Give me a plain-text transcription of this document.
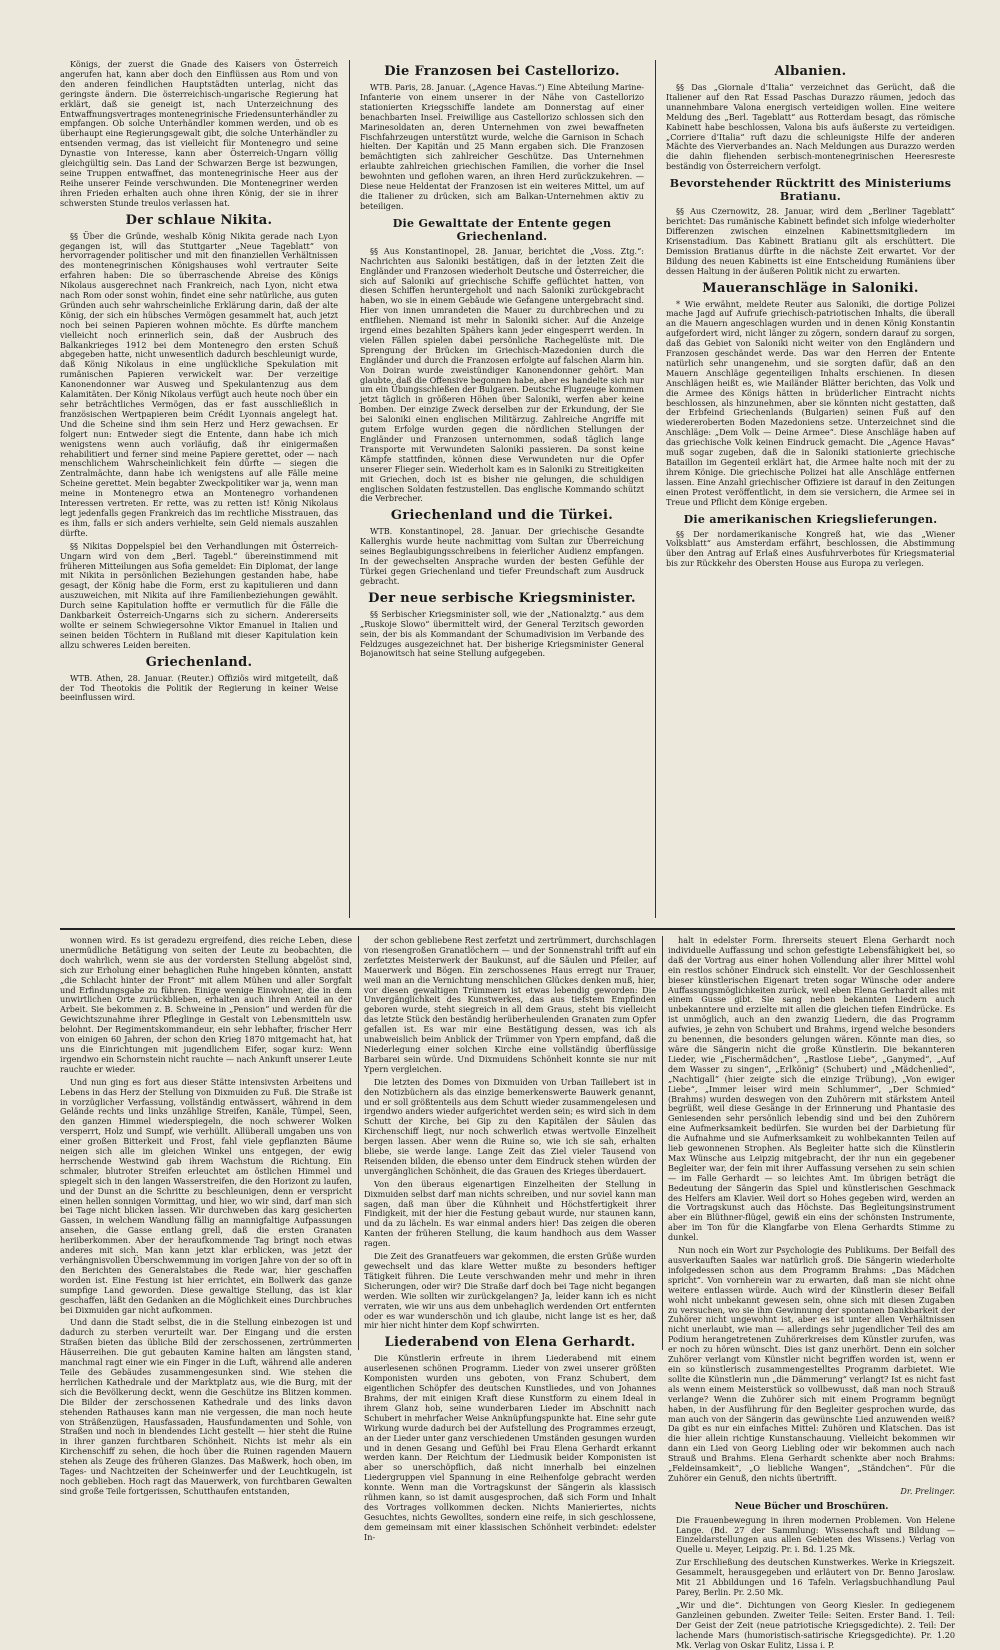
Königs, der zuerst die Gnade des Kaisers von Österreich angerufen hat, kann aber doch den Einflüssen aus Rom und von den anderen feindlichen Hauptstädten unterlag, nicht das geringste ändern. Die österreichisch-ungarische Regierung hat erklärt, daß sie geneigt ist, nach Unterzeichnung des Entwaffnungsvertrages montenegrinische Friedensunterhändler zu empfangen. Ob solche Unterhändler kommen werden, und ob es überhaupt eine Regierungsgewalt gibt, die solche Unterhändler zu entsenden vermag, das ist vielleicht für Montenegro und seine Dynastie von Interesse, kann aber Österreich-Ungarn völlig gleichgültig sein. Das Land der Schwarzen Berge ist bezwungen, seine Truppen entwaffnet, das montenegrinische Heer aus der Reihe unserer Feinde verschwunden. Die Montenegriner werden ihren Frieden erhalten auch ohne ihren König, der sie in ihrer schwersten Stunde treulos verlassen hat.

Der schlaue Nikita.

§§ Über die Gründe, weshalb König Nikita gerade nach Lyon gegangen ist, will das Stuttgarter „Neue Tageblatt“ von hervorragender politischer und mit den finanziellen Verhältnissen des montenegrinischen Königshauses wohl vertrauter Seite erfahren haben: Die so überraschende Abreise des Königs Nikolaus ausgerechnet nach Frankreich, nach Lyon, nicht etwa nach Rom oder sonst wohin, findet eine sehr natürliche, aus guten Gründen auch sehr wahrscheinliche Erklärung darin, daß der alte König, der sich ein hübsches Vermögen gesammelt hat, auch jetzt noch bei seinen Papieren wohnen möchte. Es dürfte manchem vielleicht noch erinnerlich sein, daß der Ausbruch des Balkankrieges 1912 bei dem Montenegro den ersten Schuß abgegeben hatte, nicht unwesentlich dadurch beschleunigt wurde, daß König Nikolaus in eine unglückliche Spekulation mit rumänischen Papieren verwickelt war. Der verzeitige Kanonendonner war Ausweg und Spekulantenzug aus dem Kalamitäten. Der König Nikolaus verfügt auch heute noch über ein sehr beträchtliches Vermögen, das er fast ausschließlich in französischen Wertpapieren beim Crédit Lyonnais angelegt hat. Und die Scheine sind ihm sein Herz und Herz gewachsen. Er folgert nun: Entweder siegt die Entente, dann habe ich mich wenigstens wenn auch vorläufig, daß ihr einigermaßen rehabilitiert und ferner sind meine Papiere gerettet, oder — nach menschlichem Wahrscheinlichkeit fein dürfte — siegen die Zentralmächte, dann habe ich wenigstens auf alle Fälle meine Scheine gerettet. Mein begabter Zweckpolitiker war ja, wenn man meine in Montenegro etwa an Montenegro vorhandenen Interessen vertreten. Er rette, was zu retten ist! König Nikolaus legt jedenfalls gegen Frankreich das im rechtliche Misstrauen, das es ihm, falls er sich anders verhielte, sein Geld niemals auszahlen dürfte.

§§ Nikitas Doppelspiel bei den Verhandlungen mit Österreich-Ungarn wird von dem „Berl. Tagebl.“ übereinstimmend mit früheren Mitteilungen aus Sofia gemeldet: Ein Diplomat, der lange mit Nikita in persönlichen Beziehungen gestanden habe, habe gesagt, der König habe die Form, erst zu kapitulieren und dann auszuweichen, mit Nikita auf ihre Familienbeziehungen gewählt. Durch seine Kapitulation hoffte er vermutlich für die Fälle die Dankbarkeit Österreich-Ungarns sich zu sichern. Andererseits wollte er seinem Schwiegersohne Viktor Emanuel in Italien und seinen beiden Töchtern in Rußland mit dieser Kapitulation kein allzu schweres Leiden bereiten.

Griechenland.

WTB. Athen, 28. Januar. (Reuter.) Offiziös wird mitgeteilt, daß der Tod Theotokis die Politik der Regierung in keiner Weise beeinflussen wird.

Die Franzosen bei Castellorizo.

WTB. Paris, 28. Januar. („Agence Havas.“) Eine Abteilung Marine-Infanterie von einem unserer in der Nähe von Castellorizo stationierten Kriegsschiffe landete am Donnerstag auf einer benachbarten Insel. Freiwillige aus Castellorizo schlossen sich den Marinesoldaten an, deren Unternehmen von zwei bewaffneten Fischfahrzeugen unterstützt wurde, welche die Garnison in Schach hielten. Der Kapitän und 25 Mann ergaben sich. Die Franzosen bemächtigten sich zahlreicher Geschütze. Das Unternehmen erlaubte zahlreichen griechischen Familien, die vorher die Insel bewohnten und geflohen waren, an ihren Herd zurückzukehren. — Diese neue Heldentat der Franzosen ist ein weiteres Mittel, um auf die Italiener zu drücken, sich am Balkan-Unternehmen aktiv zu beteiligen.

Die Gewalttate der Entente gegen Griechenland.

§§ Aus Konstantinopel, 28. Januar, berichtet die „Voss. Ztg.“: Nachrichten aus Saloniki bestätigen, daß in der letzten Zeit die Engländer und Franzosen wiederholt Deutsche und Österreicher, die sich auf Saloniki auf griechische Schiffe geflüchtet hatten, von diesen Schiffen heruntergeholt und nach Saloniki zurückgebracht haben, wo sie in einem Gebäude wie Gefangene untergebracht sind. Hier von innen umrandeten die Mauer zu durchbrechen und zu entfliehen. Niemand ist mehr in Saloniki sicher. Auf die Anzeige irgend eines bezahlten Spähers kann jeder eingesperrt werden. In vielen Fällen spielen dabei persönliche Rachegelüste mit. Die Sprengung der Brücken im Griechisch-Mazedonien durch die Engländer und durch die Franzosen erfolgte auf falschen Alarm hin. Von Doiran wurde zweistündiger Kanonendonner gehört. Man glaubte, daß die Offensive begonnen habe, aber es handelte sich nur um ein Übungsschießen der Bulgaren. Deutsche Flugzeuge kommen jetzt täglich in größeren Höhen über Saloniki, werfen aber keine Bomben. Der einzige Zweck derselben zur der Erkundung, der Sie bei Saloniki einen englischen Militärzug. Zahlreiche Angriffe mit gutem Erfolge wurden gegen die nördlichen Stellungen der Engländer und Franzosen unternommen, sodaß täglich lange Transporte mit Verwundeten Saloniki passieren. Da sonst keine Kämpfe stattfinden, können diese Verwundeten nur die Opfer unserer Flieger sein. Wiederholt kam es in Saloniki zu Streitigkeiten mit Griechen, doch ist es bisher nie gelungen, die schuldigen englischen Soldaten festzustellen. Das englische Kommando schützt die Verbrecher.

Griechenland und die Türkei.

WTB. Konstantinopel, 28. Januar. Der griechische Gesandte Kallerghis wurde heute nachmittag vom Sultan zur Überreichung seines Beglaubigungsschreibens in feierlicher Audienz empfangen. In der gewechselten Ansprache wurden der besten Gefühle der Türkei gegen Griechenland und tiefer Freundschaft zum Ausdruck gebracht.

Der neue serbische Kriegsminister.

§§ Serbischer Kriegsminister soll, wie der „Nationalztg.“ aus dem „Ruskoje Slowo“ übermittelt wird, der General Terzitsch geworden sein, der bis als Kommandant der Schumadivision im Verbande des Feldzuges ausgezeichnet hat. Der bisherige Kriegsminister General Bojanowitsch hat seine Stellung aufgegeben.

Albanien.

§§ Das „Giornale d’Italia“ verzeichnet das Gerücht, daß die Italiener auf den Rat Essad Paschas Durazzo räumen, jedoch das unannehmbare Valona energisch verteidigen wollen. Eine weitere Meldung des „Berl. Tageblatt“ aus Rotterdam besagt, das römische Kabinett habe beschlossen, Valona bis aufs äußerste zu verteidigen. „Corriere d’Italia“ ruft dazu die schleunigste Hilfe der anderen Mächte des Vierverbandes an. Nach Meldungen aus Durazzo werden die dahin fliehenden serbisch-montenegrinischen Heeresreste beständig von Österreichern verfolgt.

Bevorstehender Rücktritt des Ministeriums Bratianu.

§§ Aus Czernowitz, 28. Januar, wird dem „Berliner Tageblatt“ berichtet: Das rumänische Kabinett befindet sich infolge wiederholter Differenzen zwischen einzelnen Kabinettsmitgliedern im Krisenstadium. Das Kabinett Bratianu gilt als erschüttert. Die Demission Bratianus dürfte in die nächste Zeit erwartet. Vor der Bildung des neuen Kabinetts ist eine Entscheidung Rumäniens über dessen Haltung in der äußeren Politik nicht zu erwarten.

Maueranschläge in Saloniki.

* Wie erwähnt, meldete Reuter aus Saloniki, die dortige Polizei mache Jagd auf Aufrufe griechisch-patriotischen Inhalts, die überall an die Mauern angeschlagen wurden und in denen König Konstantin aufgefordert wird, nicht länger zu zögern, sondern darauf zu sorgen, daß das Gebiet von Saloniki nicht weiter von den Engländern und Franzosen geschändet werde. Das war den Herren der Entente natürlich sehr unangenehm, und sie sorgten dafür, daß an den Mauern Anschläge gegenteiligen Inhalts erschienen. In diesen Anschlägen heißt es, wie Mailänder Blätter berichten, das Volk und die Armee des Königs hätten in brüderlicher Eintracht nichts beschlossen, als hinzunehmen, aber sie könnten nicht gestatten, daß der Erbfeind Griechenlands (Bulgarien) seinen Fuß auf den wiedereroberten Boden Mazedoniens setze. Unterzeichnet sind die Anschläge: „Dem Volk — Deine Armee“. Diese Anschläge haben auf das griechische Volk keinen Eindruck gemacht. Die „Agence Havas“ muß sogar zugeben, daß die in Saloniki stationierte griechische Bataillon im Gegenteil erklärt hat, die Armee halte noch mit der zu ihrem Könige. Die griechische Polizei hat alle Anschläge entfernen lassen. Eine Anzahl griechischer Offiziere ist darauf in den Zeitungen einen Protest veröffentlicht, in dem sie versichern, die Armee sei in Treue und Pflicht dem Könige ergeben.

Die amerikanischen Kriegslieferungen.

§§ Der nordamerikanische Kongreß hat, wie das „Wiener Volksblatt“ aus Amsterdam erfährt, beschlossen, die Abstimmung über den Antrag auf Erlaß eines Ausfuhrverbotes für Kriegsmaterial bis zur Rückkehr des Obersten House aus Europa zu verlegen.

wonnen wird. Es ist geradezu ergreifend, dies reiche Leben, diese unermüdliche Betätigung von seiten der Leute zu beobachten, die doch wahrlich, wenn sie aus der vordersten Stellung abgelöst sind, sich zur Erholung einer behaglichen Ruhe hingeben könnten, anstatt „die Schlacht hinter der Front“ mit allem Mühen und aller Sorgfalt und Erfindungsgabe zu führen. Einige wenige Einwohner, die in dem unwirtlichen Orte zurückblieben, erhalten auch ihren Anteil an der Arbeit. Sie bekommen z. B. Schweine in „Pension“ und werden für die Gewichtszunahme ihrer Pfleglinge in Gestalt von Lebensmitteln usw. belohnt. Der Regimentskommandeur, ein sehr lebhafter, frischer Herr von einigen 60 Jahren, der schon den Krieg 1870 mitgemacht hat, hat uns die Einrichtungen mit jugendlichem Eifer, sogar kurz: Wenn irgendwo ein Schornstein nicht rauchte — nach Ankunft unserer Leute rauchte er wieder.

Und nun ging es fort aus dieser Stätte intensivsten Arbeitens und Lebens in das Herz der Stellung von Dixmuiden zu Fuß. Die Straße ist in vorzüglicher Verfassung, vollständig entwässert, während in dem Gelände rechts und links unzählige Streifen, Kanäle, Tümpel, Seen, den ganzen Himmel wiederspiegeln, die noch schwerer Wolken versperrt, Holz und Sumpf, wie verhüllt. Allüberall umgaben uns von einer großen Bitterkeit und Frost, fahl viele gepflanzten Bäume neigen sich alle im gleichen Winkel uns entgegen, der ewig herrschende Westwind gab ihrem Wachstum die Richtung. Ein schmaler, blutroter Streifen erleuchtet am östlichen Himmel und spiegelt sich in den langen Wasserstreifen, die den Horizont zu laufen, und der Dunst an die Schritte zu beschleunigen, denn er verspricht einen hellen sonnigen Vormittag, und hier, wo wir sind, darf man sich bei Tage nicht blicken lassen. Wir durchweben das karg gesicherten Gassen, in welchem Wandlung fällig an mannigfaltige Aufpassungen ansehen, die Gasse entlang grell, daß die ersten Granaten heriiberkommen. Aber der heraufkommende Tag bringt noch etwas anderes mit sich. Man kann jetzt klar erblicken, was jetzt der verhängnisvollen Überschwemmung im vorigen Jahre von der so oft in den Berichten des Generalstabes die Rede war, hier geschaffen worden ist. Eine Festung ist hier errichtet, ein Bollwerk das ganze sumpfige Land geworden. Diese gewaltige Stellung, das ist klar geschaffen, läßt den Gedanken an die Möglichkeit eines Durchbruches bei Dixmuiden gar nicht aufkommen.

Und dann die Stadt selbst, die in die Stellung einbezogen ist und dadurch zu sterben verurteilt war. Der Eingang und die ersten Straßen bieten das übliche Bild der zerschossenen, zertrümmerten Häuserreihen. Die gut gebauten Kamine halten am längsten stand, manchmal ragt einer wie ein Finger in die Luft, während alle anderen Teile des Gebäudes zusammengesunken sind. Wie stehen die herrlichen Kathedrale und der Marktplatz aus, wie die Burg, mit der sich die Bevölkerung deckt, wenn die Geschütze ins Blitzen kommen. Die Bilder der zerschossenen Kathedrale und des links davon stehenden Rathauses kann man nie vergessen, die man noch heute von Sträßenzügen, Hausfassaden, Hausfundamenten und Sohle, von Straßen und noch in blendendes Licht gestellt — hier steht die Ruine in ihrer ganzen furchtbaren Schönheit. Nichts ist mehr als ein Kirchenschiff zu sehen, die hoch über die Ruinen ragenden Mauern stehen als Zeuge des früheren Glanzes. Das Maßwerk, hoch oben, im Tages- und Nachtzeiten der Scheinwerfer und der Leuchtkugeln, ist noch geblieben. Hoch ragt das Mauerwerk, von furchtbaren Gewalten sind große Teile fortgerissen, Schutthaufen entstanden,

der schon gebliebene Rest zerfetzt und zertrümmert, durchschlagen von riesengroßen Granatlöchern — und der Sonnenstrahl trifft auf ein zerfetztes Meisterwerk der Baukunst, auf die Säulen und Pfeiler, auf Mauerwerk und Bögen. Ein zerschossenes Haus erregt nur Trauer, weil man an die Vernichtung menschlichen Glückes denken muß, hier, vor diesen gewaltigen Trümmern ist etwas lebendig geworden: Die Unvergänglichkeit des Kunstwerkes, das aus tiefstem Empfinden geboren wurde, steht siegreich in all dem Graus, steht bis vielleicht das letzte Stück den beständig herüberheulenden Granaten zum Opfer gefallen ist. Es war mir eine Bestätigung dessen, was ich als unabweislich beim Anblick der Trümmer von Ypern empfand, daß die Niederlegung einer solchen Kirche eine vollständig überflüssige Barbarei sein würde. Und Dixmuidens Schönheit konnte sie nur mit Ypern vergleichen.

Die letzten des Domes von Dixmuiden von Urban Taillebert ist in den Notizbüchern als das einzige bemerkenswerte Bauwerk genannt, und er soll größtenteils aus dem Schutt wieder zusammengelesen und irgendwo anders wieder aufgerichtet werden sein; es wird sich in dem Schutt der Kirche, bei Gip zu den Kapitälen der Säulen das Kirchenschiff liegt, nur noch schwerlich etwas wertvolle Einzelheit bergen lassen. Aber wenn die Ruine so, wie ich sie sah, erhalten bliebe, sie werde lange. Lange Zeit das Ziel vieler Tausend von Reisenden bilden, die ebenso unter dem Eindruck stehen würden der unvergänglichen Schönheit, die das Grauen des Krieges überdauert.

Von den überaus eigenartigen Einzelheiten der Stellung in Dixmuiden selbst darf man nichts schreiben, und nur soviel kann man sagen, daß man über die Kühnheit und Höchstfertigkeit ihrer Findigkeit, mit der hier die Festung gebaut wurde, nur staunen kann, und da zu lächeln. Es war einmal anders hier! Das zeigen die oberen Kanten der früheren Stellung, die kaum handhoch aus dem Wasser ragen.

Die Zeit des Granatfeuers war gekommen, die ersten Grüße wurden gewechselt und das klare Wetter mußte zu besonders heftiger Tätigkeit führen. Die Leute verschwanden mehr und mehr in ihren Sicherungen, oder wir? Die Straße darf doch bei Tage nicht begangen werden. Wie sollten wir zurückgelangen? Ja, leider kann ich es nicht verraten, wie wir uns aus dem unbehaglich werdenden Ort entfernten oder es war wunderschön und ich glaube, nicht lange ist es her, daß mir hier nicht hinter dem Kopf schwirrten.

Liederabend von Elena Gerhardt.

Die Künstlerin erfreute in ihrem Liederabend mit einem auserlesenen schönen Programm. Lieder von zwei unserer größten Komponisten wurden uns geboten, von Franz Schubert, dem eigentlichen Schöpfer des deutschen Kunstliedes, und von Johannes Brahms, der mit einigen Kraft diese Kunstform zu einem Ideal in ihrem Glanz hob, seine wunderbaren Lieder im Abschnitt nach Schubert in mehrfacher Weise Anknüpfungspunkte hat. Eine sehr gute Wirkung wurde dadurch bei der Aufstellung des Programmes erzeugt, an der Lieder unter ganz verschiedenen Umständen gesungen wurden und in denen Gesang und Gefühl bei Frau Elena Gerhardt erkannt werden kann. Der Reichtum der Liedmusik beider Komponisten ist aber so unerschöpflich, daß nicht innerhalb bei einzelnen Liedergruppen viel Spannung in eine Reihenfolge gebracht werden konnte. Wenn man die Vortragskunst der Sängerin als klassisch rühmen kann, so ist damit ausgesprochen, daß sich Form und Inhalt des Vortrages vollkommen decken. Nichts Manieriertes, nichts Gesuchtes, nichts Gewolltes, sondern eine reife, in sich geschlossene, dem gemeinsam mit einer klassischen Schönheit verbindet: edelster In-

halt in edelster Form. Ihrerseits steuert Elena Gerhardt noch individuelle Auffassung und schon gefestigte Lebensfähigkeit bei, so daß der Vortrag aus einer hohen Vollendung aller ihrer Mittel wohl ein restlos schöner Eindruck sich einstellt. Vor der Geschlossenheit bieser künstlerischen Eigenart treten sogar Wünsche oder andere Auffassungsmöglichkeiten zurück, weil eben Elena Gerhardt alles mit einem Gusse gibt. Sie sang neben bekannten Liedern auch unbekanntere und erzielte mit allen die gleichen tiefen Eindrücke. Es ist unmöglich, auch an den zwanzig Liedern, die das Programm aufwies, je zehn von Schubert und Brahms, irgend welche besonders zu benennen, die besonders gelungen wären. Könnte man dies, so wäre die Sängerin nicht die große Künstlerin. Die bekannteren Lieder, wie „Fischermädchen“, „Rastlose Liebe“, „Ganymed“, „Auf dem Wasser zu singen“, „Erlkönig“ (Schubert) und „Mädchenlied“, „Nachtigall“ (hier zeigte sich die einzige Trübung), „Von ewiger Liebe“, „Immer leiser wird mein Schlummer“, „Der Schmied“ (Brahms) wurden deswegen von den Zuhörern mit stärkstem Anteil begrüßt, weil diese Gesänge in der Erinnerung und Phantasie des Geniesenden sehr persönlich lebendig sind und bei den Zuhörern eine Aufmerksamkeit bedürfen. Sie wurden bei der Darbietung für die Aufnahme und sie Aufmerksamkeit zu wohlbekannten Teilen auf lieb gewonnenen Strophen. Als Begleiter hatte sich die Künstlerin Max Wünsche aus Leipzig mitgebracht, der ihr nun ein gegebener Begleiter war, der fein mit ihrer Auffassung versehen zu sein schien — im Falle Gerhardt — so leichtes Amt. Im übrigen beträgt die Bedeutung der Sängerin das Spiel und künstlerischen Geschmack des Helfers am Klavier. Weil dort so Hohes gegeben wird, werden an die Vortragskunst auch das Höchste. Das Begleitungsinstrument aber ein Blüthner-flügel, gewiß ein eins der schönsten Instrumente, aber im Ton für die Klangfarbe von Elena Gerhardts Stimme zu dunkel.

Nun noch ein Wort zur Psychologie des Publikums. Der Beifall des ausverkauften Saales war natürlich groß. Die Sängerin wiederholte infolgedessen schon aus dem Programm Brahms: „Das Mädchen spricht“. Von vornherein war zu erwarten, daß man sie nicht ohne weitere entlassen würde. Auch wird der Künstlerin dieser Beifall wohl nicht unbekannt gewesen sein, ohne sich mit diesen Zugaben zu versuchen, wo sie ihm Gewinnung der spontanen Dankbarkeit der Zuhörer nicht ungewohnt ist, aber es ist unter allen Verhältnissen nicht unerlaubt, wie man — allerdings sehr jugendlicher Teil des am Podium herangetretenen Zuhörerkreises dem Künstler zurufen, was er noch zu hören wünscht. Dies ist ganz unerhört. Denn ein solcher Zuhörer verlangt vom Künstler nicht begriffen worden ist, wenn er ein so künstlerisch zusammengestelltes Programm darbietet. Wie sollte die Künstlerin nun „die Dämmerung“ verlangt? Ist es nicht fast als wenn einem Meisterstück so vollbewusst, daß man noch Strauß verlange? Wenn die Zuhörer sich mit einem Programm begnügt haben, in der Ausführung für den Begleiter gesprochen wurde, das man auch von der Sängerin das gewünschte Lied anzuwenden weiß? Da gibt es nur ein einfaches Mittel: Zuhören und Klatschen. Das ist die hier allein richtige Kunstanschauung. Vielleicht bekommen wir dann ein Lied von Georg Liebling oder wir bekommen auch nach Strauß und Brahms. Elena Gerhardt schenkte aber noch Brahms: „Feldeinsamkeit“, „O liebliche Wangen“, „Ständchen“. Für die Zuhörer ein Genuß, den nichts übertrifft.

Dr. Prelinger.
Neue Bücher und Broschüren.

Die Frauenbewegung in ihren modernen Problemen. Von Helene Lange. (Bd. 27 der Sammlung: Wissenschaft und Bildung — Einzeldarstellungen aus allen Gebieten des Wissens.) Verlag von Quelle u. Meyer, Leipzig. Pr. i. Bd. 1.25 Mk.

Zur Erschließung des deutschen Kunstwerkes. Werke in Kriegszeit. Gesammelt, herausgegeben und erläutert von Dr. Benno Jaroslaw. Mit 21 Abbildungen und 16 Tafeln. Verlagsbuchhandlung Paul Parey, Berlin. Pr. 2.50 Mk.

„Wir und die“. Dichtungen von Georg Kiesler. In gediegenem Ganzleinen gebunden. Zweiter Teile: Seiten. Erster Band. 1. Teil: Der Geist der Zeit (neue patriotische Kriegsgedichte). 2. Teil: Der lachende Mars (humoristisch-satirische Kriegsgedichte). Pr. 1.20 Mk. Verlag von Oskar Eulitz, Lissa i. P.
